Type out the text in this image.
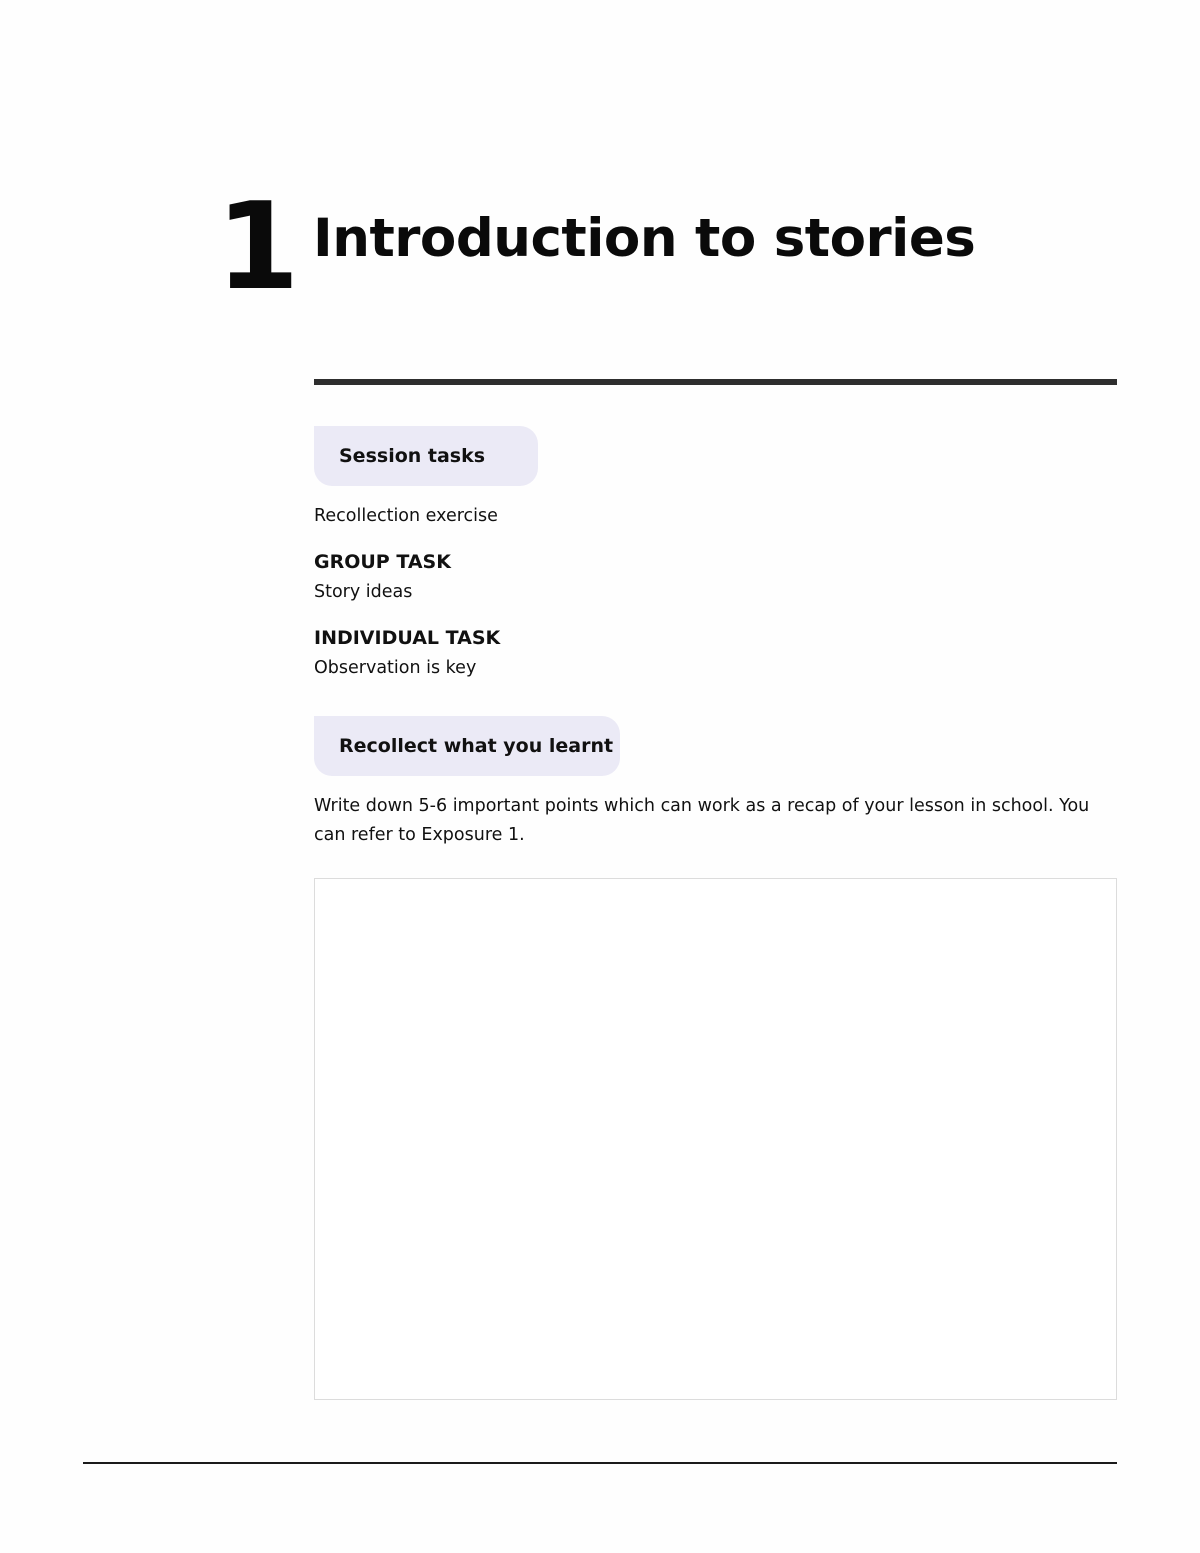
1 Introduction to stories
Session tasks

Recollection exercise

GROUP TASK

Story ideas

INDIVIDUAL TASK

Observation is key

Recollect what you learnt

Write down 5-6 important points which can work as a recap of your lesson in school. You can refer to Exposure 1.
